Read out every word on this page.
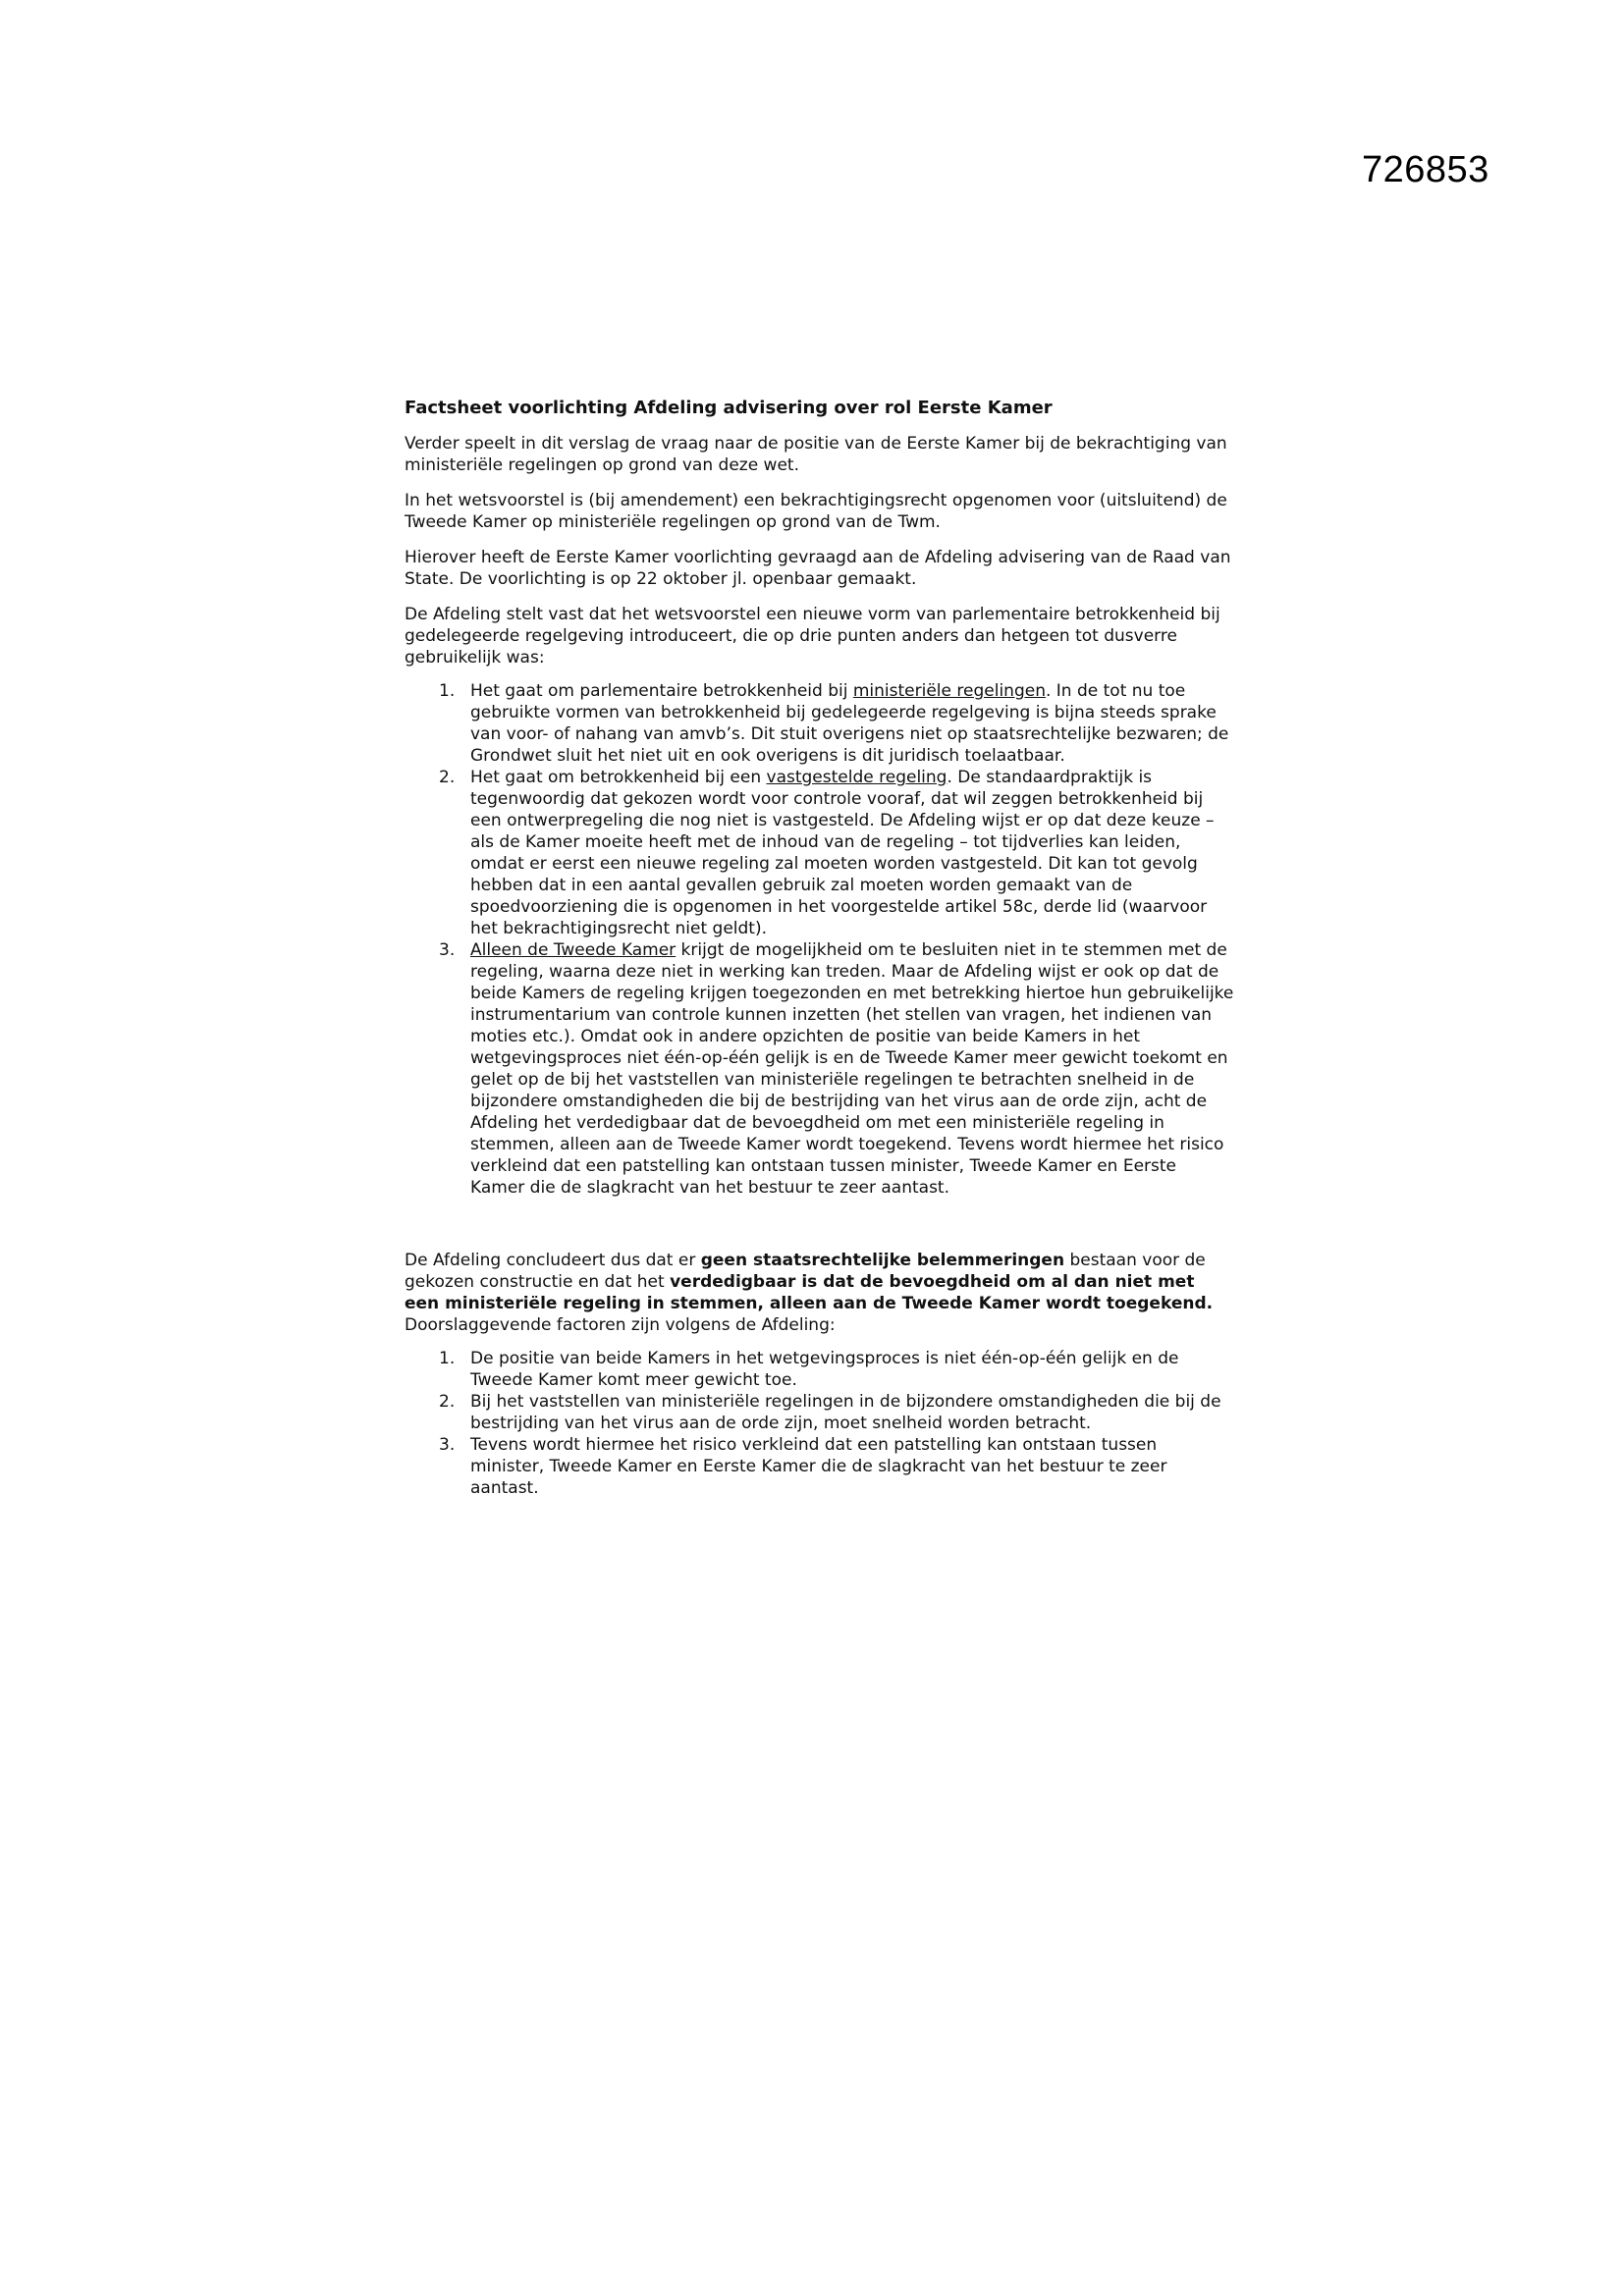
726853
Factsheet voorlichting Afdeling advisering over rol Eerste Kamer

Verder speelt in dit verslag de vraag naar de positie van de Eerste Kamer bij de bekrachtiging van ministeriële regelingen op grond van deze wet.

In het wetsvoorstel is (bij amendement) een bekrachtigingsrecht opgenomen voor (uitsluitend) de Tweede Kamer op ministeriële regelingen op grond van de Twm.

Hierover heeft de Eerste Kamer voorlichting gevraagd aan de Afdeling advisering van de Raad van State. De voorlichting is op 22 oktober jl. openbaar gemaakt.

De Afdeling stelt vast dat het wetsvoorstel een nieuwe vorm van parlementaire betrokkenheid bij gedelegeerde regelgeving introduceert, die op drie punten anders dan hetgeen tot dusverre gebruikelijk was:

1. Het gaat om parlementaire betrokkenheid bij ministeriële regelingen. In de tot nu toe gebruikte vormen van betrokkenheid bij gedelegeerde regelgeving is bijna steeds sprake van voor- of nahang van amvb’s. Dit stuit overigens niet op staatsrechtelijke bezwaren; de Grondwet sluit het niet uit en ook overigens is dit juridisch toelaatbaar.
2. Het gaat om betrokkenheid bij een vastgestelde regeling. De standaardpraktijk is tegenwoordig dat gekozen wordt voor controle vooraf, dat wil zeggen betrokkenheid bij een ontwerpregeling die nog niet is vastgesteld. De Afdeling wijst er op dat deze keuze – als de Kamer moeite heeft met de inhoud van de regeling – tot tijdverlies kan leiden, omdat er eerst een nieuwe regeling zal moeten worden vastgesteld. Dit kan tot gevolg hebben dat in een aantal gevallen gebruik zal moeten worden gemaakt van de spoedvoorziening die is opgenomen in het voorgestelde artikel 58c, derde lid (waarvoor het bekrachtigingsrecht niet geldt).
3. Alleen de Tweede Kamer krijgt de mogelijkheid om te besluiten niet in te stemmen met de regeling, waarna deze niet in werking kan treden. Maar de Afdeling wijst er ook op dat de beide Kamers de regeling krijgen toegezonden en met betrekking hiertoe hun gebruikelijke instrumentarium van controle kunnen inzetten (het stellen van vragen, het indienen van moties etc.). Omdat ook in andere opzichten de positie van beide Kamers in het wetgevingsproces niet één-op-één gelijk is en de Tweede Kamer meer gewicht toekomt en gelet op de bij het vaststellen van ministeriële regelingen te betrachten snelheid in de bijzondere omstandigheden die bij de bestrijding van het virus aan de orde zijn, acht de Afdeling het verdedigbaar dat de bevoegdheid om met een ministeriële regeling in stemmen, alleen aan de Tweede Kamer wordt toegekend. Tevens wordt hiermee het risico verkleind dat een patstelling kan ontstaan tussen minister, Tweede Kamer en Eerste Kamer die de slagkracht van het bestuur te zeer aantast.

De Afdeling concludeert dus dat er geen staatsrechtelijke belemmeringen bestaan voor de gekozen constructie en dat het verdedigbaar is dat de bevoegdheid om al dan niet met een ministeriële regeling in stemmen, alleen aan de Tweede Kamer wordt toegekend. Doorslaggevende factoren zijn volgens de Afdeling:

1. De positie van beide Kamers in het wetgevingsproces is niet één-op-één gelijk en de Tweede Kamer komt meer gewicht toe.
2. Bij het vaststellen van ministeriële regelingen in de bijzondere omstandigheden die bij de bestrijding van het virus aan de orde zijn, moet snelheid worden betracht.
3. Tevens wordt hiermee het risico verkleind dat een patstelling kan ontstaan tussen minister, Tweede Kamer en Eerste Kamer die de slagkracht van het bestuur te zeer aantast.
